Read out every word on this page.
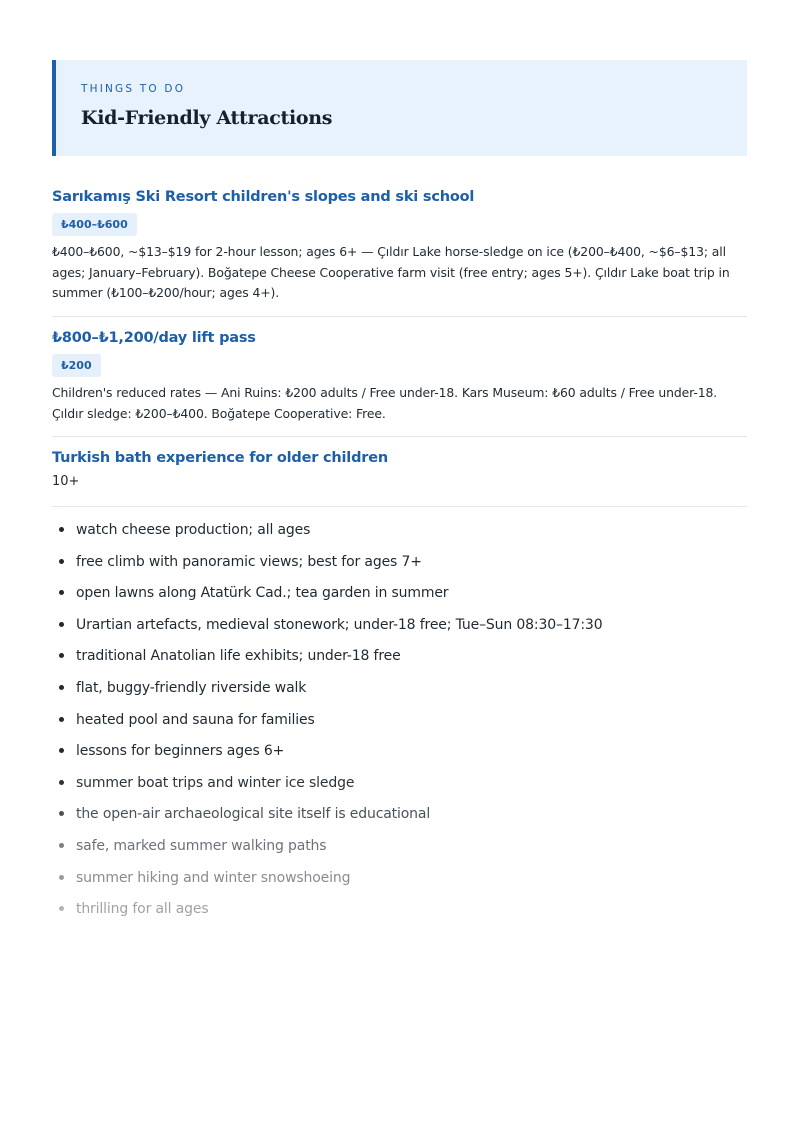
THINGS TO DO
Kid-Friendly Attractions
Sarıkamış Ski Resort children's slopes and ski school
₺400–₺600
₺400–₺600, ~$13–$19 for 2-hour lesson; ages 6+ — Çıldır Lake horse-sledge on ice (₺200–₺400, ~$6–$13; all ages; January–February). Boğatepe Cheese Cooperative farm visit (free entry; ages 5+). Çıldır Lake boat trip in summer (₺100–₺200/hour; ages 4+).
₺800–₺1,200/day lift pass
₺200
Children's reduced rates — Ani Ruins: ₺200 adults / Free under-18. Kars Museum: ₺60 adults / Free under-18. Çıldır sledge: ₺200–₺400. Boğatepe Cooperative: Free.
Turkish bath experience for older children
10+
watch cheese production; all ages
free climb with panoramic views; best for ages 7+
open lawns along Atatürk Cad.; tea garden in summer
Urartian artefacts, medieval stonework; under-18 free; Tue–Sun 08:30–17:30
traditional Anatolian life exhibits; under-18 free
flat, buggy-friendly riverside walk
heated pool and sauna for families
lessons for beginners ages 6+
summer boat trips and winter ice sledge
the open-air archaeological site itself is educational
safe, marked summer walking paths
summer hiking and winter snowshoeing
thrilling for all ages
